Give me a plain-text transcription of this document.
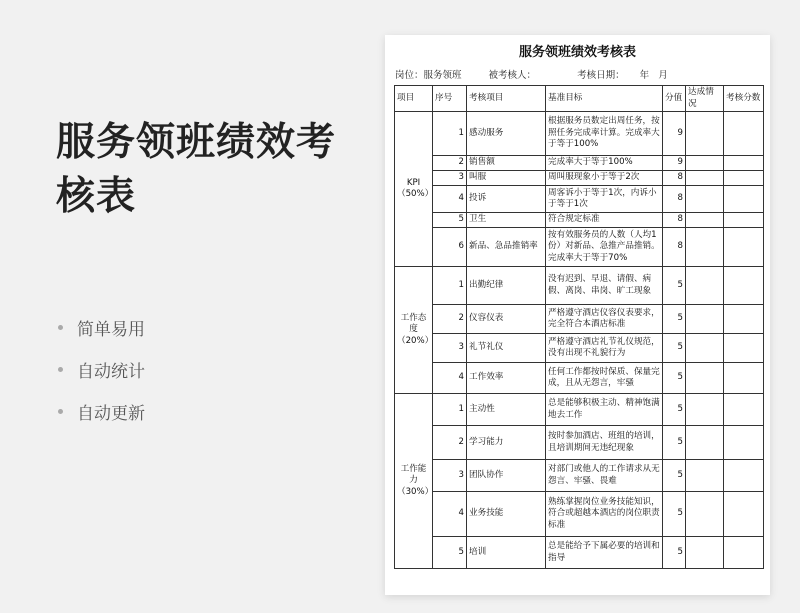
服务领班绩效考核表
简单易用
自动统计
自动更新
服务领班绩效考核表
岗位：服务领班	被考核人：	考核日期： 年 月
项目	序号	考核项目	基准目标	分值	达成情况	考核分数
KPI（50%）	1	感动服务	根据服务员数定出周任务，按照任务完成率计算。完成率大于等于100%	9		
	2	销售额	完成率大于等于100%	9		
	3	叫服	周叫服现象小于等于2次	8		
	4	投诉	周客诉小于等于1次，内诉小于等于1次	8		
	5	卫生	符合规定标准	8		
	6	新品、急品推销率	按有效服务员的人数（人均1份）对新品、急推产品推销。完成率大于等于70%	8		
工作态度（20%）	1	出勤纪律	没有迟到、早退、请假、病假、离岗、串岗、旷工现象	5		
	2	仪容仪表	严格遵守酒店仪容仪表要求，完全符合本酒店标准	5		
	3	礼节礼仪	严格遵守酒店礼节礼仪规范，没有出现不礼貌行为	5		
	4	工作效率	任何工作都按时保质、保量完成，且从无怨言，牢骚	5		
工作能力（30%）	1	主动性	总是能够积极主动、精神饱满地去工作	5		
	2	学习能力	按时参加酒店、班组的培训，且培训期间无违纪现象	5		
	3	团队协作	对部门或他人的工作请求从无怨言、牢骚、畏难	5		
	4	业务技能	熟练掌握岗位业务技能知识，符合或超越本酒店的岗位职责标准	5		
	5	培训	总是能给予下属必要的培训和指导	5		
